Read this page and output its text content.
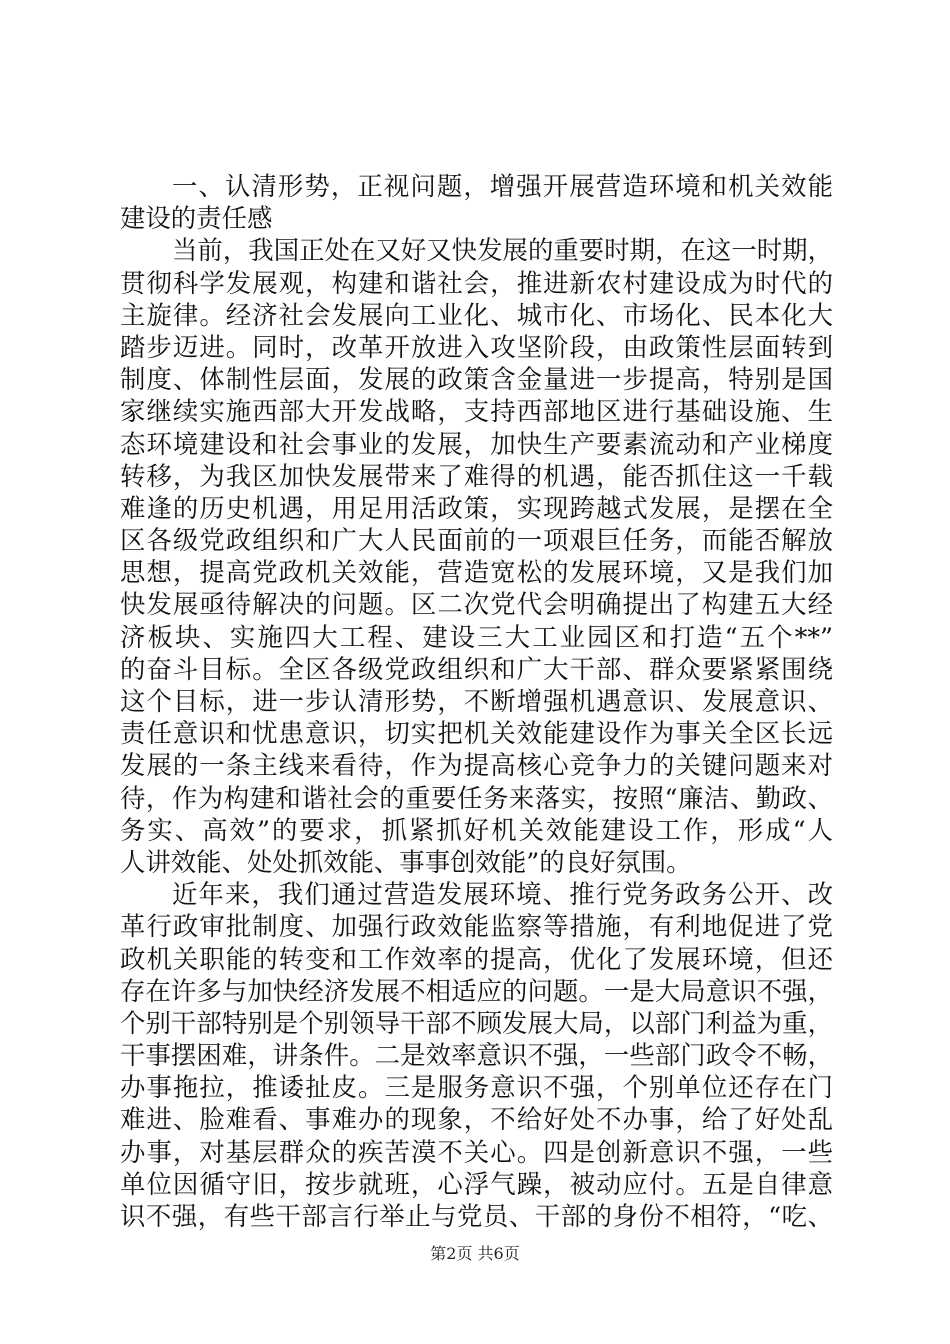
一、认清形势，正视问题，增强开展营造环境和机关效能
建设的责任感
当前，我国正处在又好又快发展的重要时期，在这一时期，
贯彻科学发展观，构建和谐社会，推进新农村建设成为时代的
主旋律。经济社会发展向工业化、城市化、市场化、民本化大
踏步迈进。同时，改革开放进入攻坚阶段，由政策性层面转到
制度、体制性层面，发展的政策含金量进一步提高，特别是国
家继续实施西部大开发战略，支持西部地区进行基础设施、生
态环境建设和社会事业的发展，加快生产要素流动和产业梯度
转移，为我区加快发展带来了难得的机遇，能否抓住这一千载
难逢的历史机遇，用足用活政策，实现跨越式发展，是摆在全
区各级党政组织和广大人民面前的一项艰巨任务，而能否解放
思想，提高党政机关效能，营造宽松的发展环境，又是我们加
快发展亟待解决的问题。区二次党代会明确提出了构建五大经
济板块、实施四大工程、建设三大工业园区和打造“五个**”
的奋斗目标。全区各级党政组织和广大干部、群众要紧紧围绕
这个目标，进一步认清形势，不断增强机遇意识、发展意识、
责任意识和忧患意识，切实把机关效能建设作为事关全区长远
发展的一条主线来看待，作为提高核心竞争力的关键问题来对
待，作为构建和谐社会的重要任务来落实，按照“廉洁、勤政、
务实、高效”的要求，抓紧抓好机关效能建设工作，形成“人
人讲效能、处处抓效能、事事创效能”的良好氛围。
近年来，我们通过营造发展环境、推行党务政务公开、改
革行政审批制度、加强行政效能监察等措施，有利地促进了党
政机关职能的转变和工作效率的提高，优化了发展环境，但还
存在许多与加快经济发展不相适应的问题。一是大局意识不强，
个别干部特别是个别领导干部不顾发展大局，以部门利益为重，
干事摆困难，讲条件。二是效率意识不强，一些部门政令不畅，
办事拖拉，推诿扯皮。三是服务意识不强，个别单位还存在门
难进、脸难看、事难办的现象，不给好处不办事，给了好处乱
办事，对基层群众的疾苦漠不关心。四是创新意识不强，一些
单位因循守旧，按步就班，心浮气躁，被动应付。五是自律意
识不强，有些干部言行举止与党员、干部的身份不相符，“吃、
第2页 共6页
